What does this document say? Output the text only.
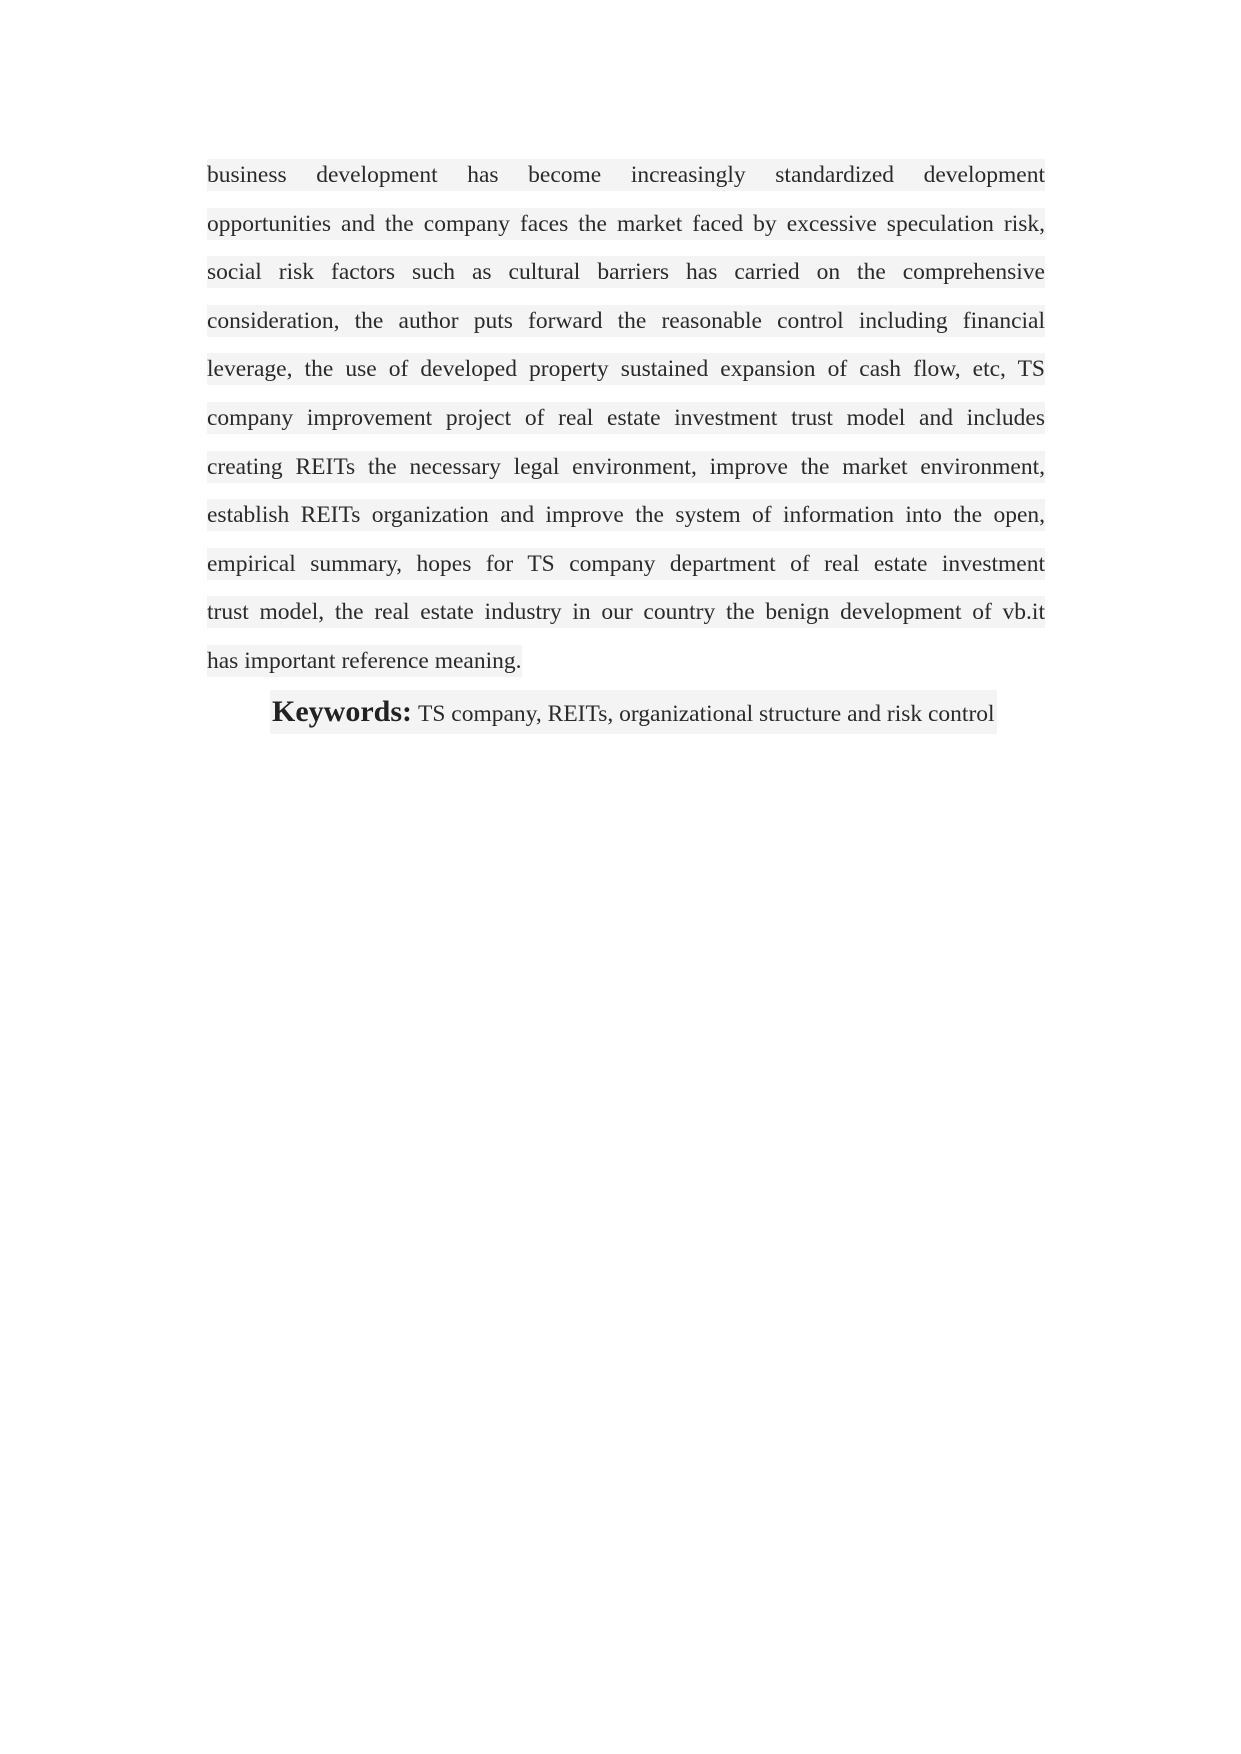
business development has become increasingly standardized development
opportunities and the company faces the market faced by excessive speculation risk,
social risk factors such as cultural barriers has carried on the comprehensive
consideration, the author puts forward the reasonable control including financial
leverage, the use of developed property sustained expansion of cash flow, etc, TS
company improvement project of real estate investment trust model and includes
creating REITs the necessary legal environment, improve the market environment,
establish REITs organization and improve the system of information into the open,
empirical summary, hopes for TS company department of real estate investment
trust model, the real estate industry in our country the benign development of vb.it
has important reference meaning.
Keywords: TS company, REITs, organizational structure and risk control
